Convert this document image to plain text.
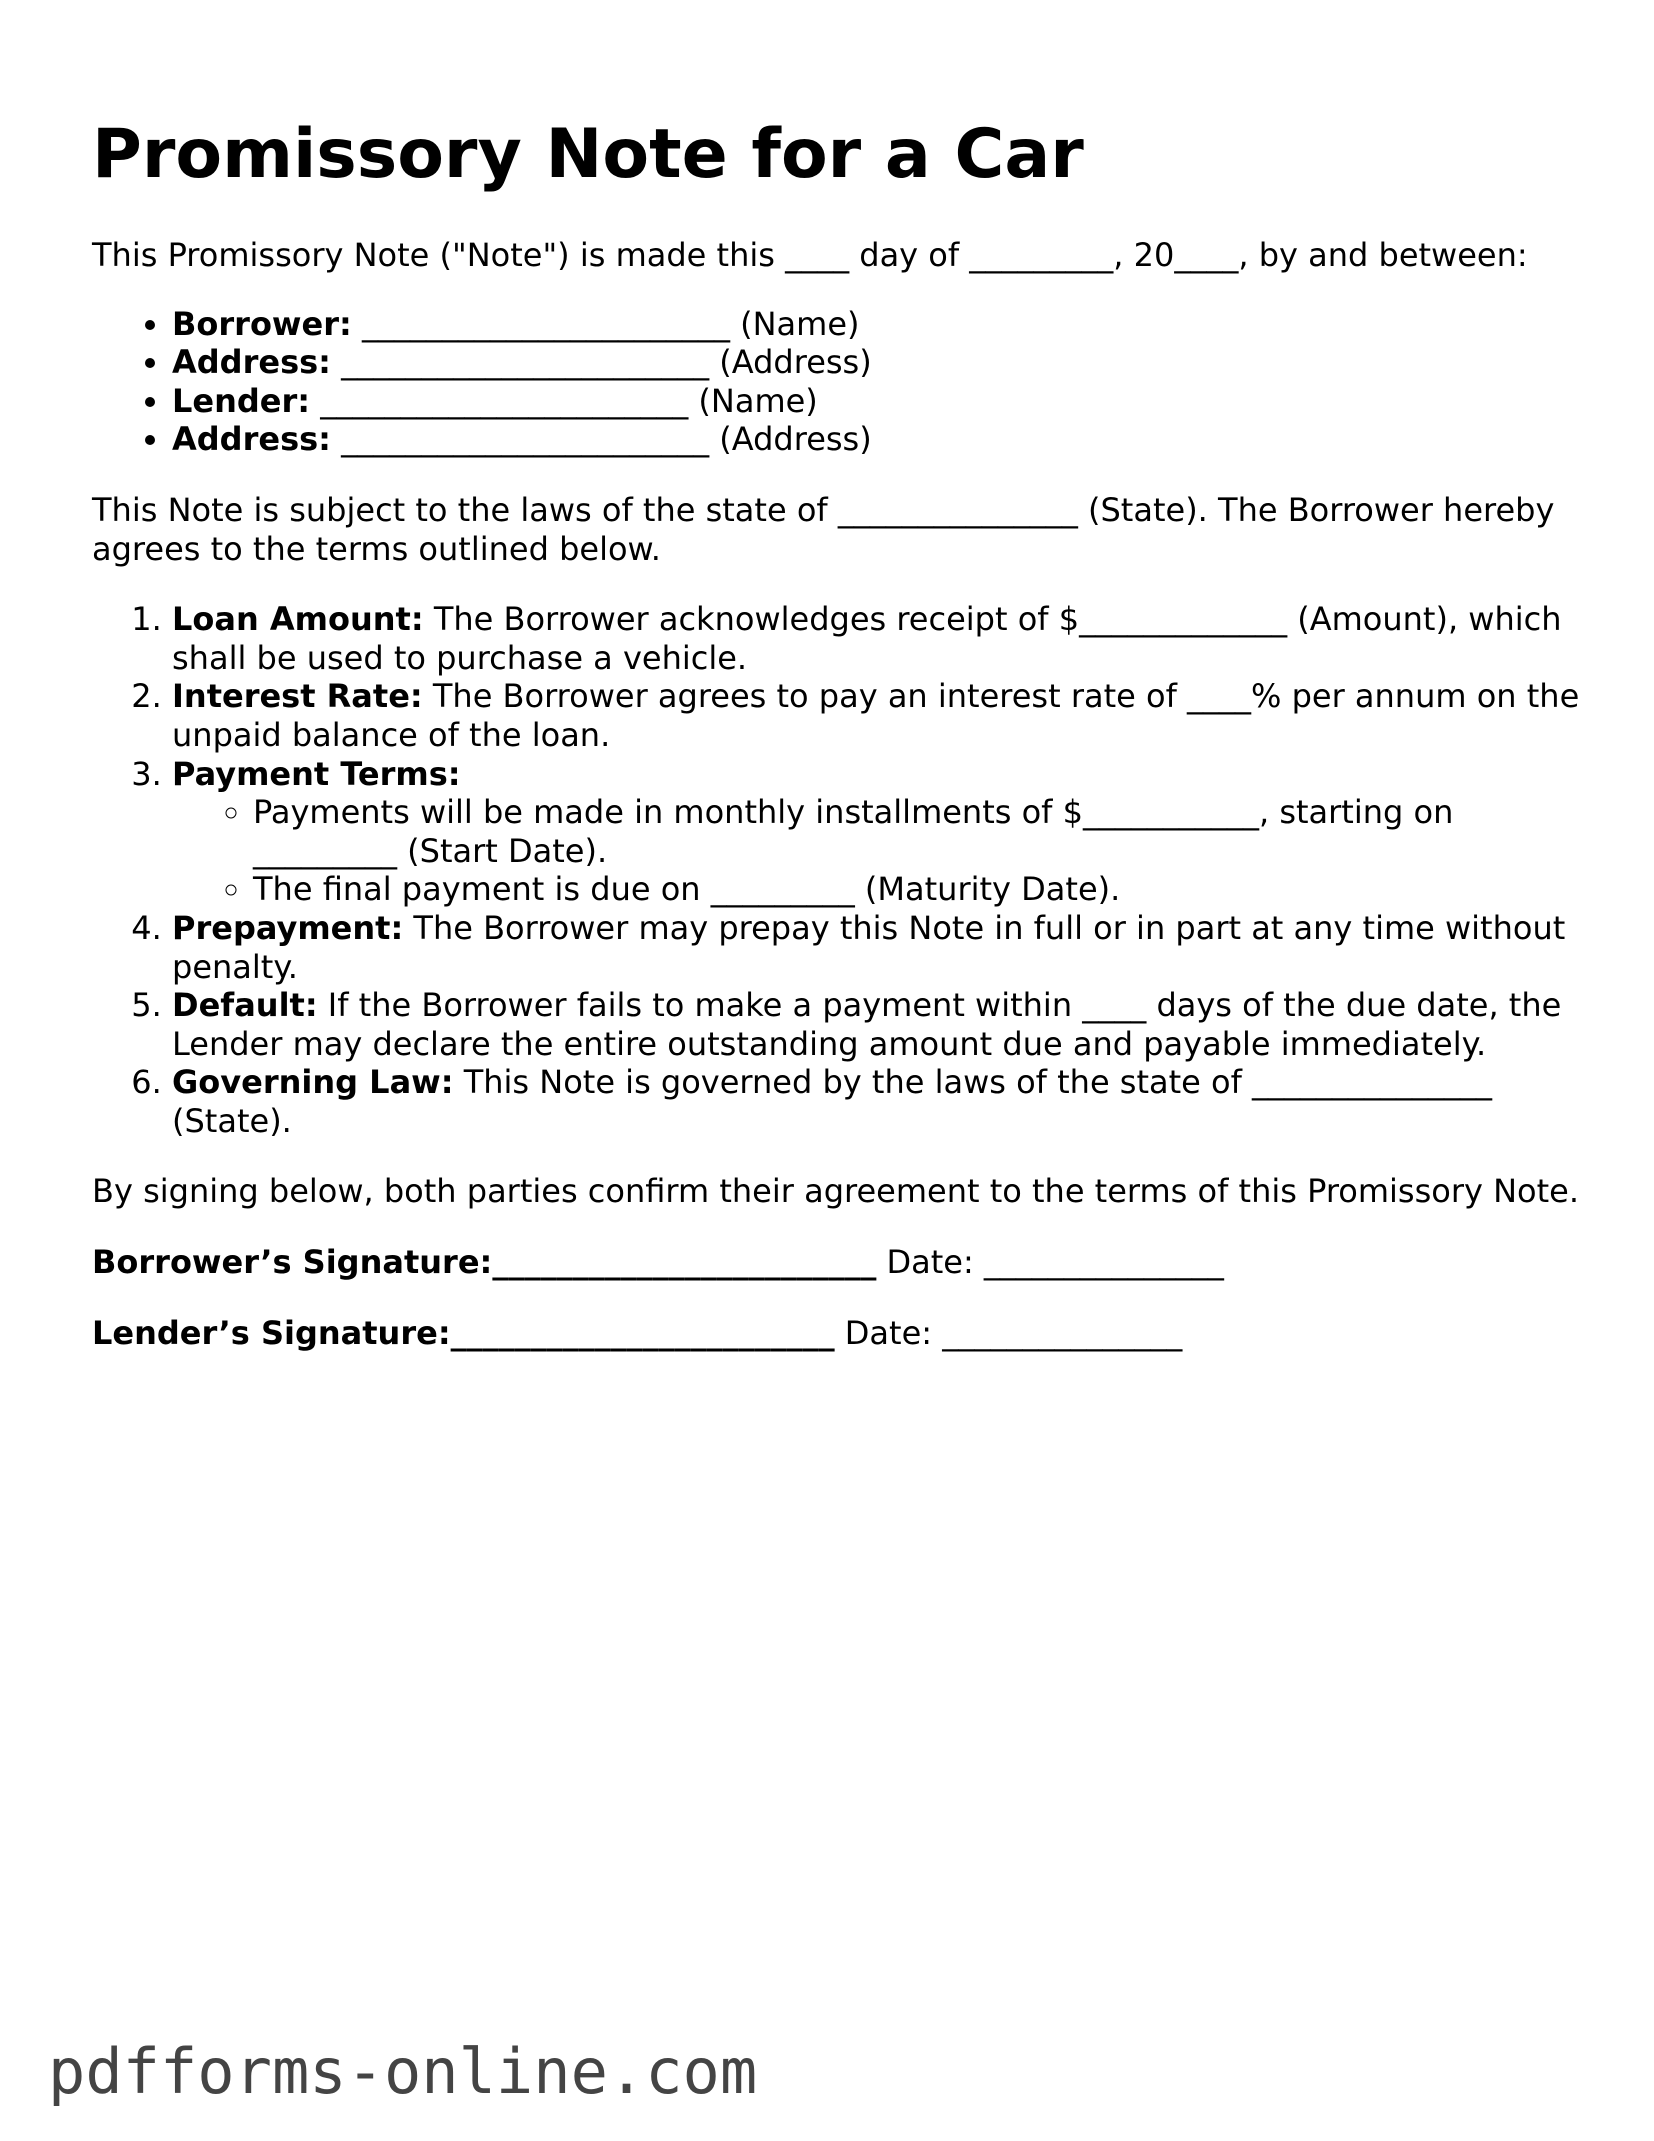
Promissory Note for a Car

This Promissory Note ("Note") is made this ____ day of _________, 20____, by and between:

• Borrower: _______________________ (Name)
• Address: _______________________ (Address)
• Lender: _______________________ (Name)
• Address: _______________________ (Address)

This Note is subject to the laws of the state of _______________ (State). The Borrower hereby agrees to the terms outlined below.

1. Loan Amount: The Borrower acknowledges receipt of $_____________ (Amount), which shall be used to purchase a vehicle.
2. Interest Rate: The Borrower agrees to pay an interest rate of ____% per annum on the unpaid balance of the loan.
3. Payment Terms:
◦ Payments will be made in monthly installments of $___________, starting on _________ (Start Date).
◦ The final payment is due on _________ (Maturity Date).
4. Prepayment: The Borrower may prepay this Note in full or in part at any time without penalty.
5. Default: If the Borrower fails to make a payment within ____ days of the due date, the Lender may declare the entire outstanding amount due and payable immediately.
6. Governing Law: This Note is governed by the laws of the state of _______________ (State).

By signing below, both parties confirm their agreement to the terms of this Promissory Note.

Borrower’s Signature:________________________ Date: _______________

Lender’s Signature:________________________ Date: _______________

pdfforms-online.com
